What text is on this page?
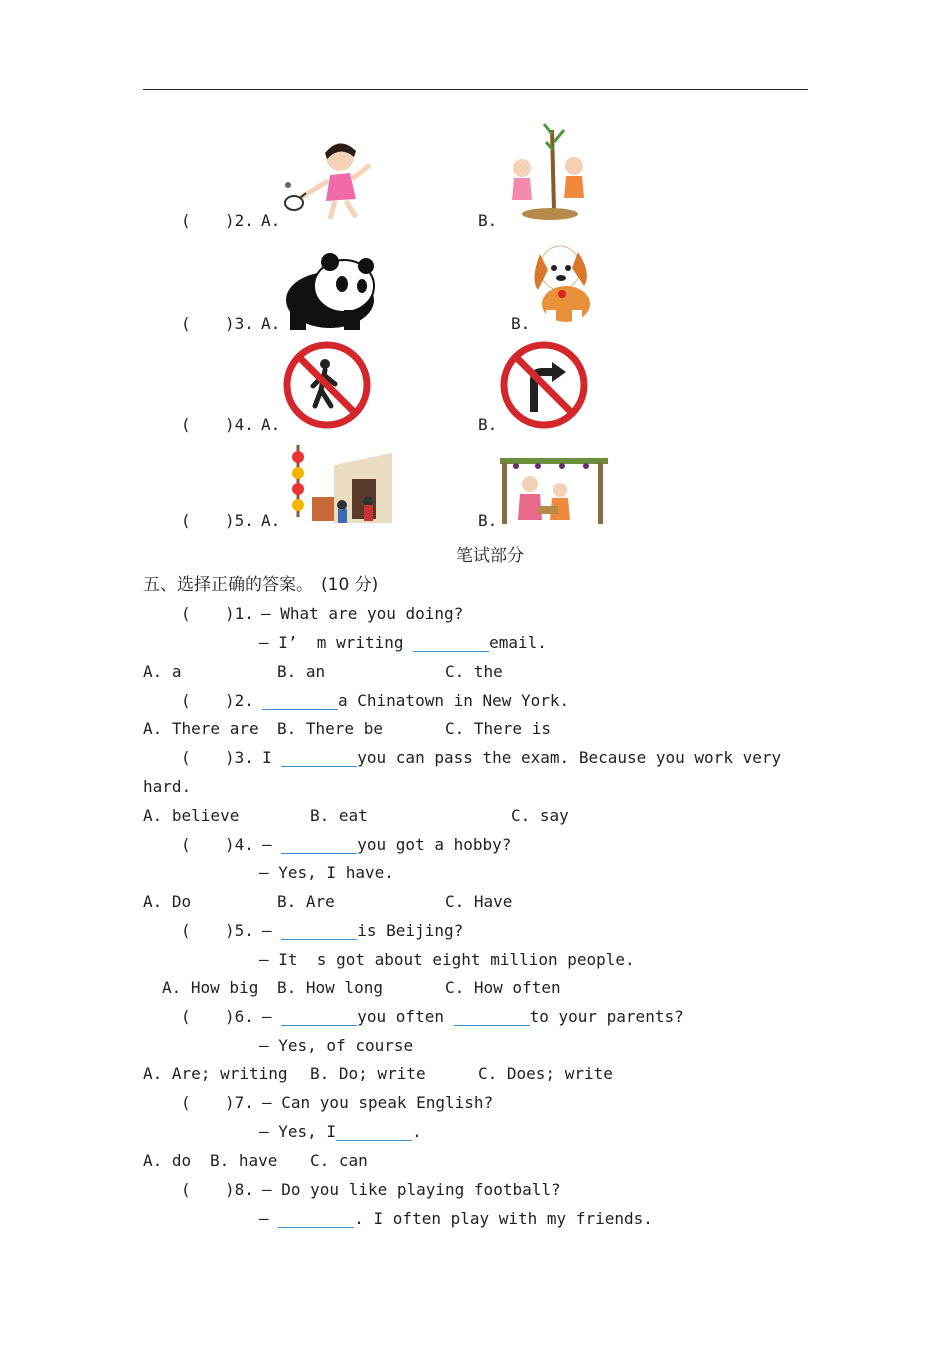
( )2. A.	B.
( )3. A.	B.
( )4. A.	B.
( )5. A.	B.
笔试部分
五、选择正确的答案。 (10 分)
( )1. — What are you doing?
— I’  m writing	email.
A. a	B. an	C. the
( )2.	a Chinatown in New York.
A. There are B. There be	C. There is
( )3. I	you can pass the exam. Because you work very
hard.
A. believe	B. eat	C. say
( )4. —	you got a hobby?
— Yes, I have.
A. Do	B. Are	C. Have
( )5. —	is Beijing?
— It  s got about eight million people.
A. How big B. How long	C. How often
( )6. —	you often	to your parents?
— Yes, of course
A. Are; writing B. Do; write	C. Does; write
( )7. — Can you speak English?
— Yes, I	.
A. do B. have C. can
( )8. — Do you like playing football?
—	. I often play with my friends.
